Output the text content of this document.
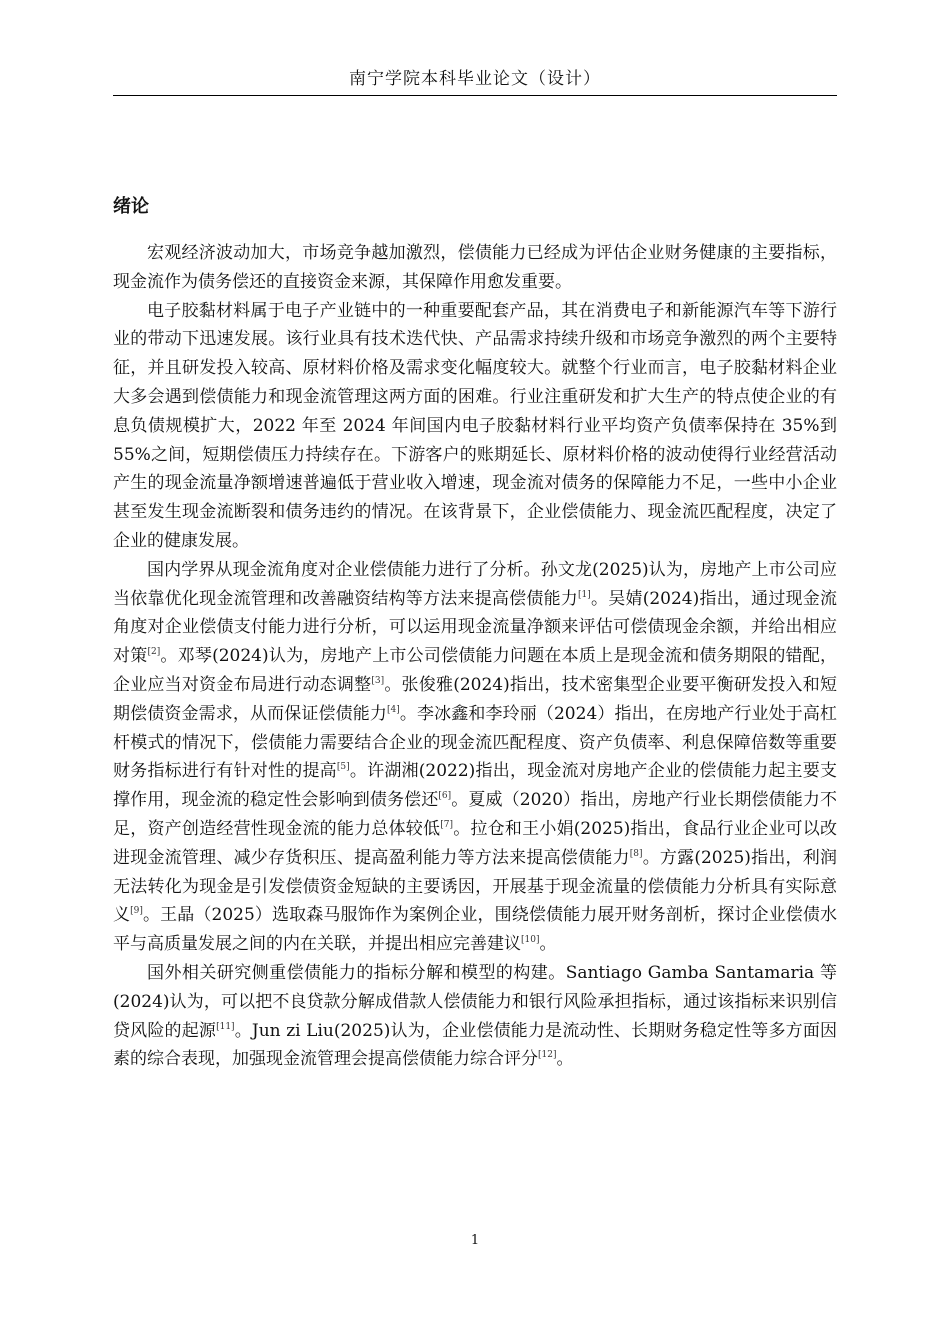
南宁学院本科毕业论文（设计）
绪论

宏观经济波动加大，市场竞争越加激烈，偿债能力已经成为评估企业财务健康的主要指标，现金流作为债务偿还的直接资金来源，其保障作用愈发重要。

电子胶黏材料属于电子产业链中的一种重要配套产品，其在消费电子和新能源汽车等下游行业的带动下迅速发展。该行业具有技术迭代快、产品需求持续升级和市场竞争激烈的两个主要特征，并且研发投入较高、原材料价格及需求变化幅度较大。就整个行业而言，电子胶黏材料企业大多会遇到偿债能力和现金流管理这两方面的困难。行业注重研发和扩大生产的特点使企业的有息负债规模扩大，2022 年至 2024 年间国内电子胶黏材料行业平均资产负债率保持在 35%到 55%之间，短期偿债压力持续存在。下游客户的账期延长、原材料价格的波动使得行业经营活动产生的现金流量净额增速普遍低于营业收入增速，现金流对债务的保障能力不足，一些中小企业甚至发生现金流断裂和债务违约的情况。在该背景下，企业偿债能力、现金流匹配程度，决定了企业的健康发展。

国内学界从现金流角度对企业偿债能力进行了分析。孙文龙(2025)认为，房地产上市公司应当依靠优化现金流管理和改善融资结构等方法来提高偿债能力[1]。吴婧(2024)指出，通过现金流角度对企业偿债支付能力进行分析，可以运用现金流量净额来评估可偿债现金余额，并给出相应对策[2]。邓琴(2024)认为，房地产上市公司偿债能力问题在本质上是现金流和债务期限的错配，企业应当对资金布局进行动态调整[3]。张俊雅(2024)指出，技术密集型企业要平衡研发投入和短期偿债资金需求，从而保证偿债能力[4]。李冰鑫和李玲丽（2024）指出，在房地产行业处于高杠杆模式的情况下，偿债能力需要结合企业的现金流匹配程度、资产负债率、利息保障倍数等重要财务指标进行有针对性的提高[5]。许湖湘(2022)指出，现金流对房地产企业的偿债能力起主要支撑作用，现金流的稳定性会影响到债务偿还[6]。夏威（2020）指出，房地产行业长期偿债能力不足，资产创造经营性现金流的能力总体较低[7]。拉仓和王小娟(2025)指出，食品行业企业可以改进现金流管理、减少存货积压、提高盈利能力等方法来提高偿债能力[8]。方露(2025)指出，利润无法转化为现金是引发偿债资金短缺的主要诱因，开展基于现金流量的偿债能力分析具有实际意义[9]。王晶（2025）选取森马服饰作为案例企业，围绕偿债能力展开财务剖析，探讨企业偿债水平与高质量发展之间的内在关联，并提出相应完善建议[10]。

国外相关研究侧重偿债能力的指标分解和模型的构建。Santiago Gamba Santamaria 等(2024)认为，可以把不良贷款分解成借款人偿债能力和银行风险承担指标，通过该指标来识别信贷风险的起源[11]。Jun zi Liu(2025)认为，企业偿债能力是流动性、长期财务稳定性等多方面因素的综合表现，加强现金流管理会提高偿债能力综合评分[12]。

1
